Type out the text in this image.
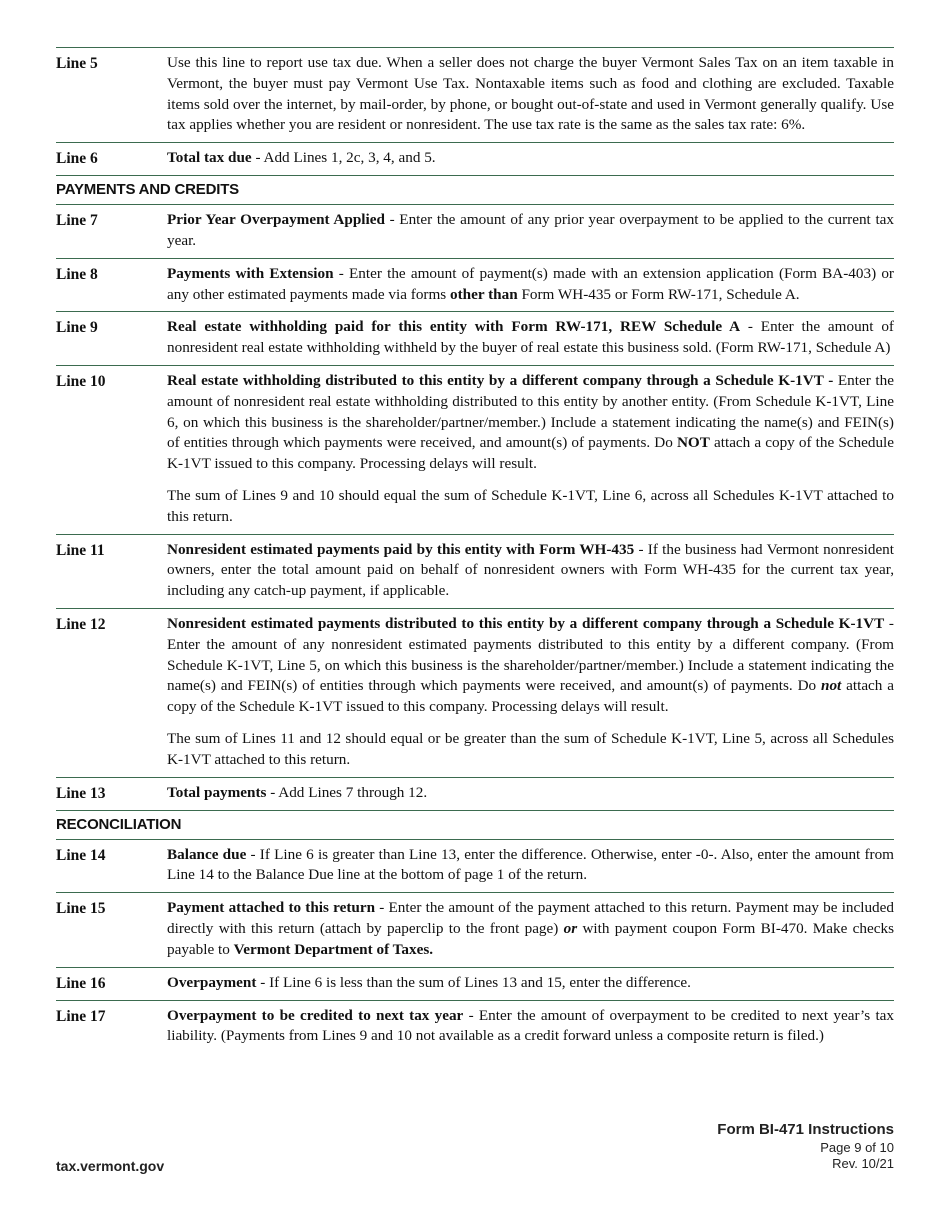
Line 5	Use this line to report use tax due. When a seller does not charge the buyer Vermont Sales Tax on an item taxable in Vermont, the buyer must pay Vermont Use Tax. Nontaxable items such as food and clothing are excluded. Taxable items sold over the internet, by mail-order, by phone, or bought out-of-state and used in Vermont generally qualify. Use tax applies whether you are resident or nonresident. The use tax rate is the same as the sales tax rate: 6%.
Line 6	Total tax due - Add Lines 1, 2c, 3, 4, and 5.
PAYMENTS AND CREDITS
Line 7	Prior Year Overpayment Applied - Enter the amount of any prior year overpayment to be applied to the current tax year.
Line 8	Payments with Extension - Enter the amount of payment(s) made with an extension application (Form BA-403) or any other estimated payments made via forms other than Form WH-435 or Form RW-171, Schedule A.
Line 9	Real estate withholding paid for this entity with Form RW-171, REW Schedule A - Enter the amount of nonresident real estate withholding withheld by the buyer of real estate this business sold. (Form RW-171, Schedule A)
Line 10	Real estate withholding distributed to this entity by a different company through a Schedule K-1VT - Enter the amount of nonresident real estate withholding distributed to this entity by another entity. (From Schedule K-1VT, Line 6, on which this business is the shareholder/partner/member.) Include a statement indicating the name(s) and FEIN(s) of entities through which payments were received, and amount(s) of payments. Do NOT attach a copy of the Schedule K-1VT issued to this company. Processing delays will result.

The sum of Lines 9 and 10 should equal the sum of Schedule K-1VT, Line 6, across all Schedules K-1VT attached to this return.

Line 11	Nonresident estimated payments paid by this entity with Form WH-435 - If the business had Vermont nonresident owners, enter the total amount paid on behalf of nonresident owners with Form WH-435 for the current tax year, including any catch-up payment, if applicable.
Line 12	Nonresident estimated payments distributed to this entity by a different company through a Schedule K-1VT - Enter the amount of any nonresident estimated payments distributed to this entity by a different company. (From Schedule K-1VT, Line 5, on which this business is the shareholder/partner/member.) Include a statement indicating the name(s) and FEIN(s) of entities through which payments were received, and amount(s) of payments. Do not attach a copy of the Schedule K-1VT issued to this company. Processing delays will result.

The sum of Lines 11 and 12 should equal or be greater than the sum of Schedule K-1VT, Line 5, across all Schedules K-1VT attached to this return.

Line 13	Total payments - Add Lines 7 through 12.
RECONCILIATION
Line 14	Balance due - If Line 6 is greater than Line 13, enter the difference. Otherwise, enter -0-. Also, enter the amount from Line 14 to the Balance Due line at the bottom of page 1 of the return.
Line 15	Payment attached to this return - Enter the amount of the payment attached to this return. Payment may be included directly with this return (attach by paperclip to the front page) or with payment coupon Form BI-470. Make checks payable to Vermont Department of Taxes.
Line 16	Overpayment - If Line 6 is less than the sum of Lines 13 and 15, enter the difference.
Line 17	Overpayment to be credited to next tax year - Enter the amount of overpayment to be credited to next year’s tax liability. (Payments from Lines 9 and 10 not available as a credit forward unless a composite return is filed.)
Form BI-471 Instructions
Page 9 of 10
Rev. 10/21
tax.vermont.gov
